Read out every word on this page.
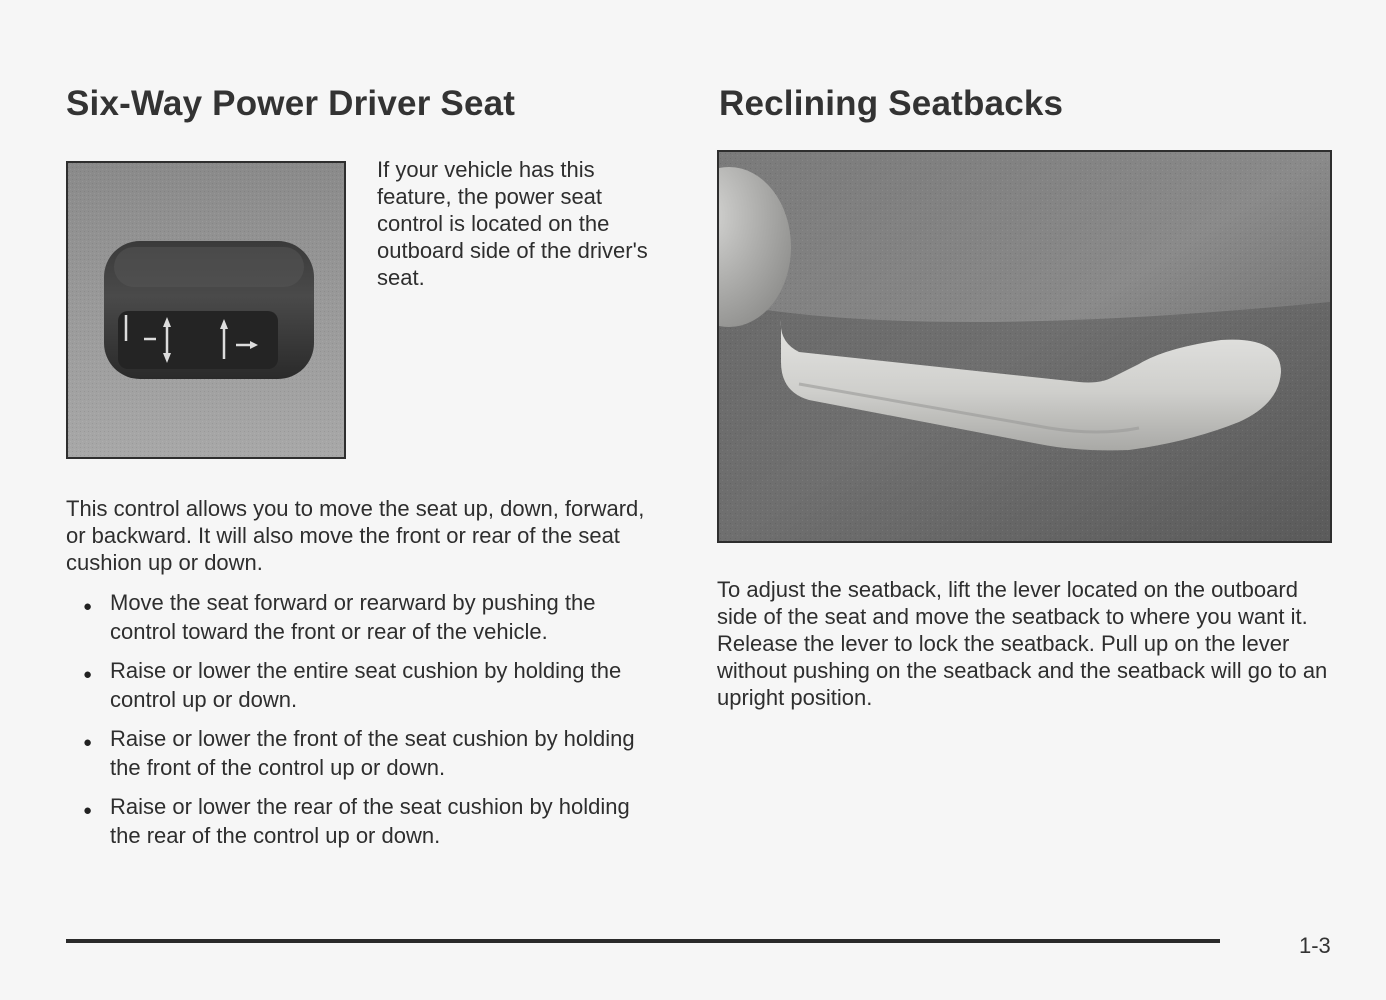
Six-Way Power Driver Seat	Reclining Seatbacks

If your vehicle has this feature, the power seat control is located on the outboard side of the driver's seat.

This control allows you to move the seat up, down, forward, or backward. It will also move the front or rear of the seat cushion up or down.

● Move the seat forward or rearward by pushing the control toward the front or rear of the vehicle.
● Raise or lower the entire seat cushion by holding the control up or down.
● Raise or lower the front of the seat cushion by holding the front of the control up or down.
● Raise or lower the rear of the seat cushion by holding the rear of the control up or down.

To adjust the seatback, lift the lever located on the outboard side of the seat and move the seatback to where you want it. Release the lever to lock the seatback. Pull up on the lever without pushing on the seatback and the seatback will go to an upright position.

1-3
